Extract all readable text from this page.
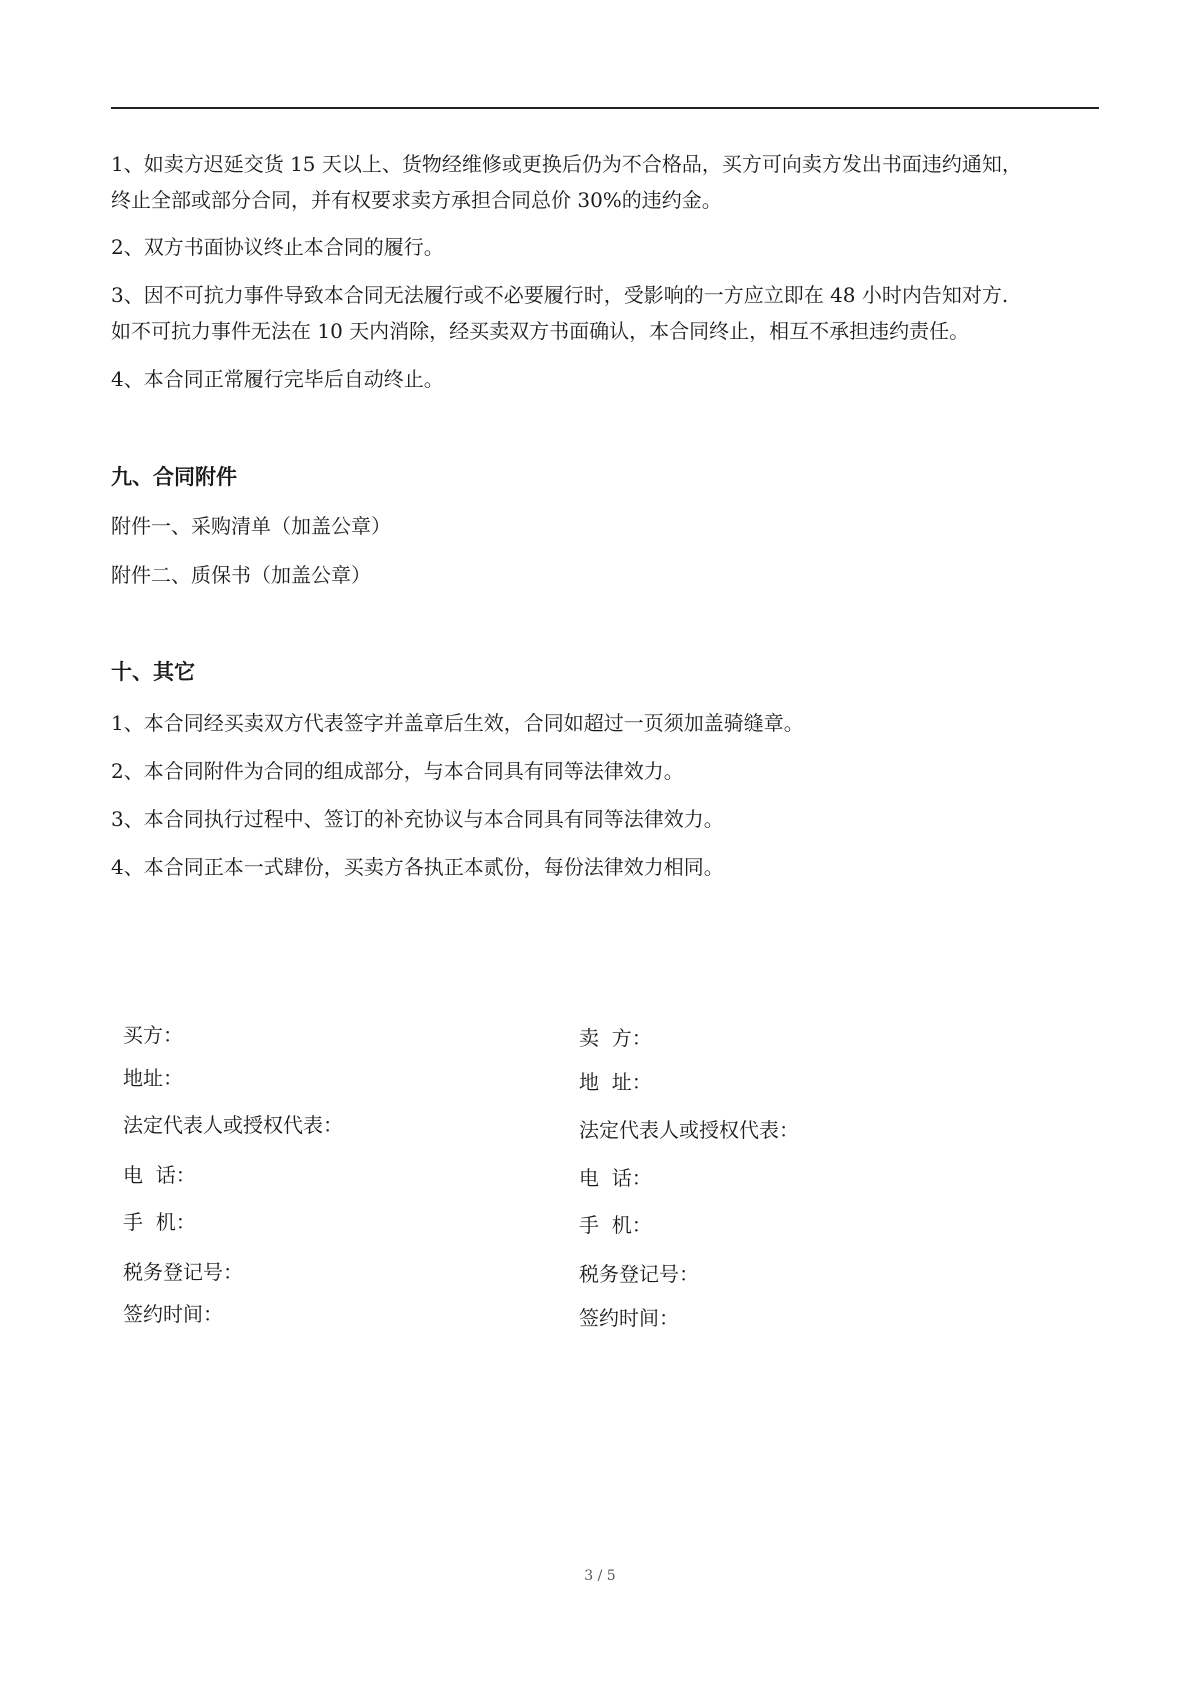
1、如卖方迟延交货 15 天以上、货物经维修或更换后仍为不合格品，买方可向卖方发出书面违约通知，
终止全部或部分合同，并有权要求卖方承担合同总价 30%的违约金。

2、双方书面协议终止本合同的履行。

3、因不可抗力事件导致本合同无法履行或不必要履行时，受影响的一方应立即在 48 小时内告知对方.
如不可抗力事件无法在 10 天内消除，经买卖双方书面确认，本合同终止，相互不承担违约责任。

4、本合同正常履行完毕后自动终止。

九、合同附件

附件一、采购清单（加盖公章）

附件二、质保书（加盖公章）

十、其它

1、本合同经买卖双方代表签字并盖章后生效，合同如超过一页须加盖骑缝章。

2、本合同附件为合同的组成部分，与本合同具有同等法律效力。

3、本合同执行过程中、签订的补充协议与本合同具有同等法律效力。

4、本合同正本一式肆份，买卖方各执正本贰份，每份法律效力相同。

买方：
地址：
法定代表人或授权代表：
电  话：
手  机：
税务登记号：
签约时间：
卖  方：
地  址：
法定代表人或授权代表：
电  话：
手  机：
税务登记号：
签约时间：
3 / 5
